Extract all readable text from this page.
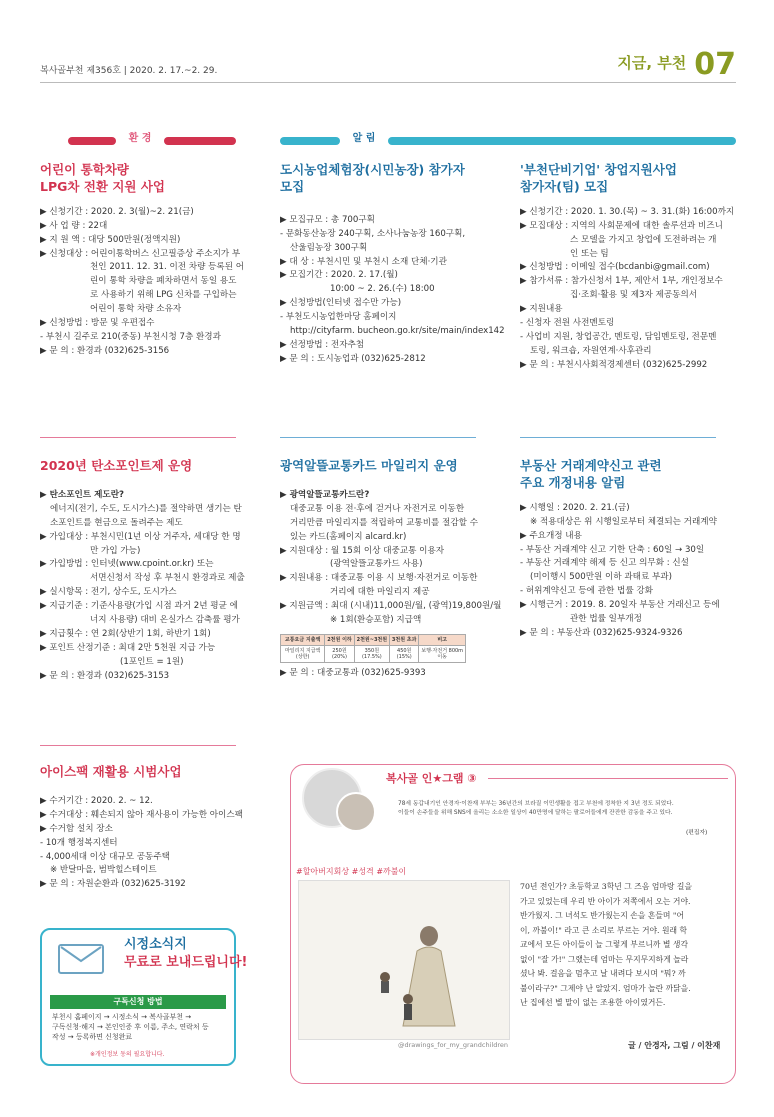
복사골부천 제356호 | 2020. 2. 17.~2. 29.	지금, 부천 07
환 경	알 림
어린이 통학차량
LPG차 전환 지원 사업
▶ 신청기간 : 2020. 2. 3(월)~2. 21(금)
▶ 사 업 량 : 22대
▶ 지 원 액 : 대당 500만원(정액지원)
▶ 신청대상 : 어린이통학버스 신고필증상 주소지가 부
천인 2011. 12. 31. 이전 차량 등록된 어
린이 통학 차량을 폐차하면서 동일 용도
로 사용하기 위해 LPG 신차를 구입하는
어린이 통학 차량 소유자
▶ 신청방법 : 방문 및 우편접수
- 부천시 길주로 210(중동) 부천시청 7층 환경과
▶ 문 의 : 환경과 (032)625-3156
도시농업체험장(시민농장) 참가자 모집
▶ 모집규모 : 총 700구획
- 문화동산농장 240구획, 소사나눔농장 160구획,
산울림농장 300구획
▶ 대 상 : 부천시민 및 부천시 소재 단체·기관
▶ 모집기간 : 2020. 2. 17.(월)
10:00 ~ 2. 26.(수) 18:00
▶ 신청방법(인터넷 접수만 가능)
- 부천도시농업한마당 홈페이지
http://cityfarm. bucheon.go.kr/site/main/index142
▶ 선정방법 : 전자추첨
▶ 문 의 : 도시농업과 (032)625-2812
'부천단비기업' 창업지원사업
참가자(팀) 모집
▶ 신청기간 : 2020. 1. 30.(목) ~ 3. 31.(화) 16:00까지
▶ 모집대상 : 지역의 사회문제에 대한 솔루션과 비즈니
스 모델을 가지고 창업에 도전하려는 개
인 또는 팀
▶ 신청방법 : 이메일 접수(bcdanbi@gmail.com)
▶ 참가서류 : 참가신청서 1부, 제안서 1부, 개인정보수
집·조회·활용 및 제3자 제공동의서
▶ 지원내용
- 신청자 전원 사전멘토링
- 사업비 지원, 창업공간, 멘토링, 담임멘토링, 전문멘
토링, 워크숍, 자원연계·사후관리
▶ 문 의 : 부천시사회적경제센터 (032)625-2992
2020년 탄소포인트제 운영
▶ 탄소포인트 제도란?
에너지(전기, 수도, 도시가스)를 절약하면 생기는 탄
소포인트를 현금으로 돌려주는 제도
▶ 가입대상 : 부천시민(1년 이상 거주자, 세대당 한 명
만 가입 가능)
▶ 가입방법 : 인터넷(www.cpoint.or.kr) 또는
서면신청서 작성 후 부천시 환경과로 제출
▶ 실시항목 : 전기, 상수도, 도시가스
▶ 지급기준 : 기준사용량(가입 시점 과거 2년 평균 에
너지 사용량) 대비 온실가스 감축률 평가
▶ 지급횟수 : 연 2회(상반기 1회, 하반기 1회)
▶ 포인트 산정기준 : 최대 2만 5천원 지급 가능
(1포인트 = 1원)
▶ 문 의 : 환경과 (032)625-3153
광역알뜰교통카드 마일리지 운영
▶ 광역알뜰교통카드란?
대중교통 이용 전·후에 걷거나 자전거로 이동한
거리만큼 마일리지를 적립하여 교통비를 절감할 수
있는 카드(홈페이지 alcard.kr)
▶ 지원대상 : 월 15회 이상 대중교통 이용자
(광역알뜰교통카드 사용)
▶ 지원내용 : 대중교통 이용 시 보행·자전거로 이동한
거리에 대한 마일리지 제공
▶ 지원금액 : 최대 (시내)11,000원/월, (광역)19,800원/월
※ 1회(환승포함) 지급액
교통요금 지출액	2천원 이하	2천원~3천원	3천원 초과	비고
마일리지 지급액 (상한)	250원(20%)	350원 (17.5%)	450원(15%)	보행·자전거 800m이동
▶ 문 의 : 대중교통과 (032)625-9393
부동산 거래계약신고 관련
주요 개정내용 알림
▶ 시행일 : 2020. 2. 21.(금)
※ 적용대상은 위 시행일로부터 체결되는 거래계약
▶ 주요개정 내용
- 부동산 거래계약 신고 기한 단축 : 60일 → 30일
- 부동산 거래계약 해제 등 신고 의무화 : 신설
(미이행시 500만원 이하 과태료 부과)
- 허위계약신고 등에 관한 법률 강화
▶ 시행근거 : 2019. 8. 20일자 부동산 거래신고 등에
관한 법률 일부개정
▶ 문 의 : 부동산과 (032)625-9324-9326
아이스팩 재활용 시범사업
▶ 수거기간 : 2020. 2. ~ 12.
▶ 수거대상 : 훼손되지 않아 재사용이 가능한 아이스팩
▶ 수거함 설치 장소
- 10개 행정복지센터
- 4,000세대 이상 대규모 공동주택
※ 반달마을, 범박힐스테이트
▶ 문 의 : 자원순환과 (032)625-3192
시정소식지
무료로 보내드립니다!
구독신청 방법
부천시 홈페이지 → 시정소식 → 복사골부천 →
구독신청·해지 → 본인인증 후 이름, 주소, 연락처 등
작성 → 등록하면 신청완료
※개인정보 동의 필요합니다.
복사골 인★그램 ③
78세 동갑내기인 안경자·이찬재 부부는 36년간의 브라질 이민생활을 접고 부천에 정착한 지 3년 정도 되었다.
이들이 손주들을 위해 SNS에 올리는 소소한 일상이 40만명에 달하는 팔로어들에게 잔잔한 감동을 주고 있다.
(편집자)
#할아버지회상 #성격 #까불이
@drawings_for_my_grandchildren
70년 전인가? 초등학교 3학년 그 즈음 엄마랑 길을
가고 있었는데 우리 반 아이가 저쪽에서 오는 거야.
반가웠지. 그 녀석도 반가웠는지 손을 흔들며 "어
이, 까불이!" 라고 큰 소리로 부르는 거야. 원래 학
교에서 모든 아이들이 늘 그렇게 부르니까 별 생각
없이 "잘 가!" 그랬는데 엄마는 무지무지하게 놀라
셨나 봐. 걸음을 멈추고 날 내려다 보시며 "뭐? 까
불이라구?" 그제야 난 알았지. 엄마가 놀란 까닭을.
난 집에선 별 말이 없는 조용한 아이였거든.
글 / 안경자, 그림 / 이찬재
